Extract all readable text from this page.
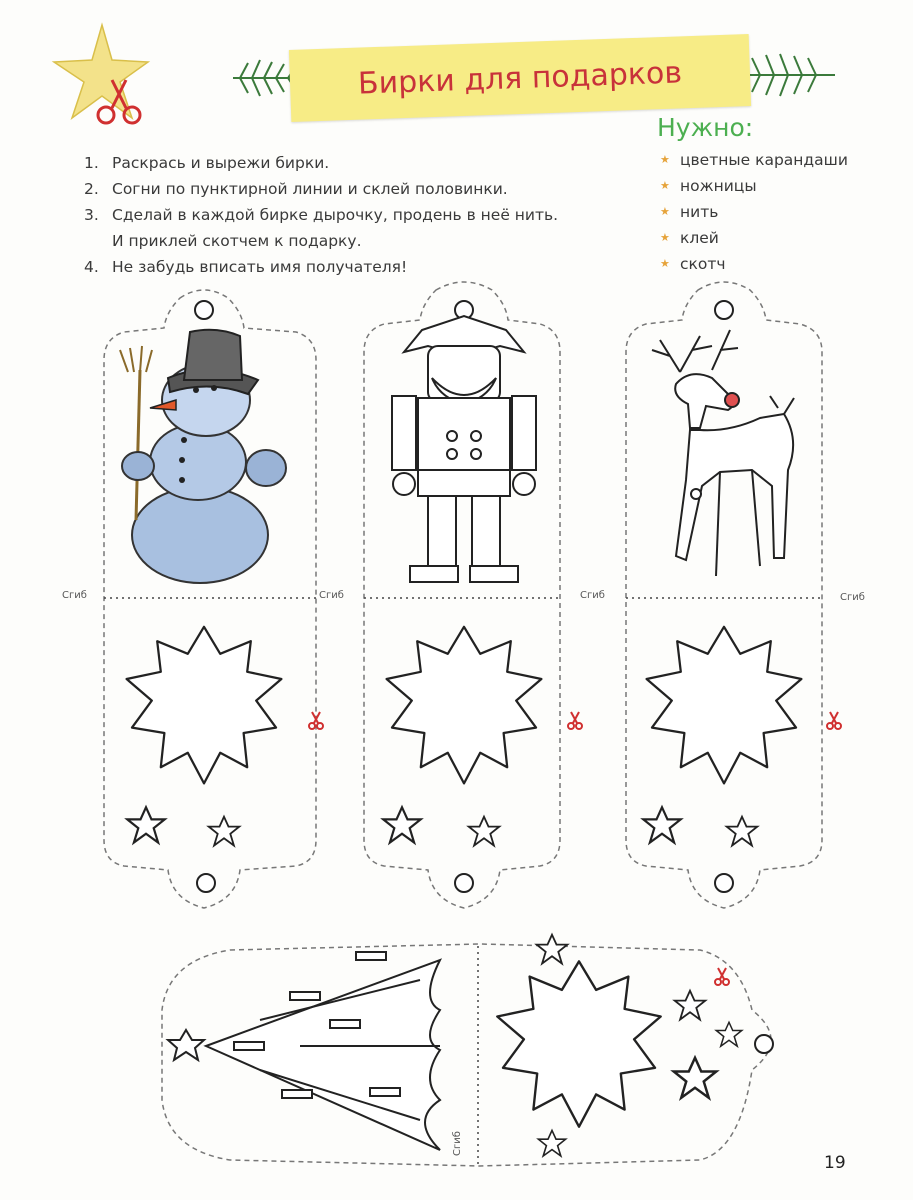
Бирки для подарков
1. Раскрась и вырежи бирки.
2. Согни по пунктирной линии и склей половинки.
3. Сделай в каждой бирке дырочку, продень в неё нить.
И приклей скотчем к подарку.
4. Не забудь вписать имя получателя!
Нужно:
★ цветные карандаши
★ ножницы
★ нить
★ клей
★ скотч
Сгиб	Сгиб	Сгиб	Сгиб
Сгиб
19
